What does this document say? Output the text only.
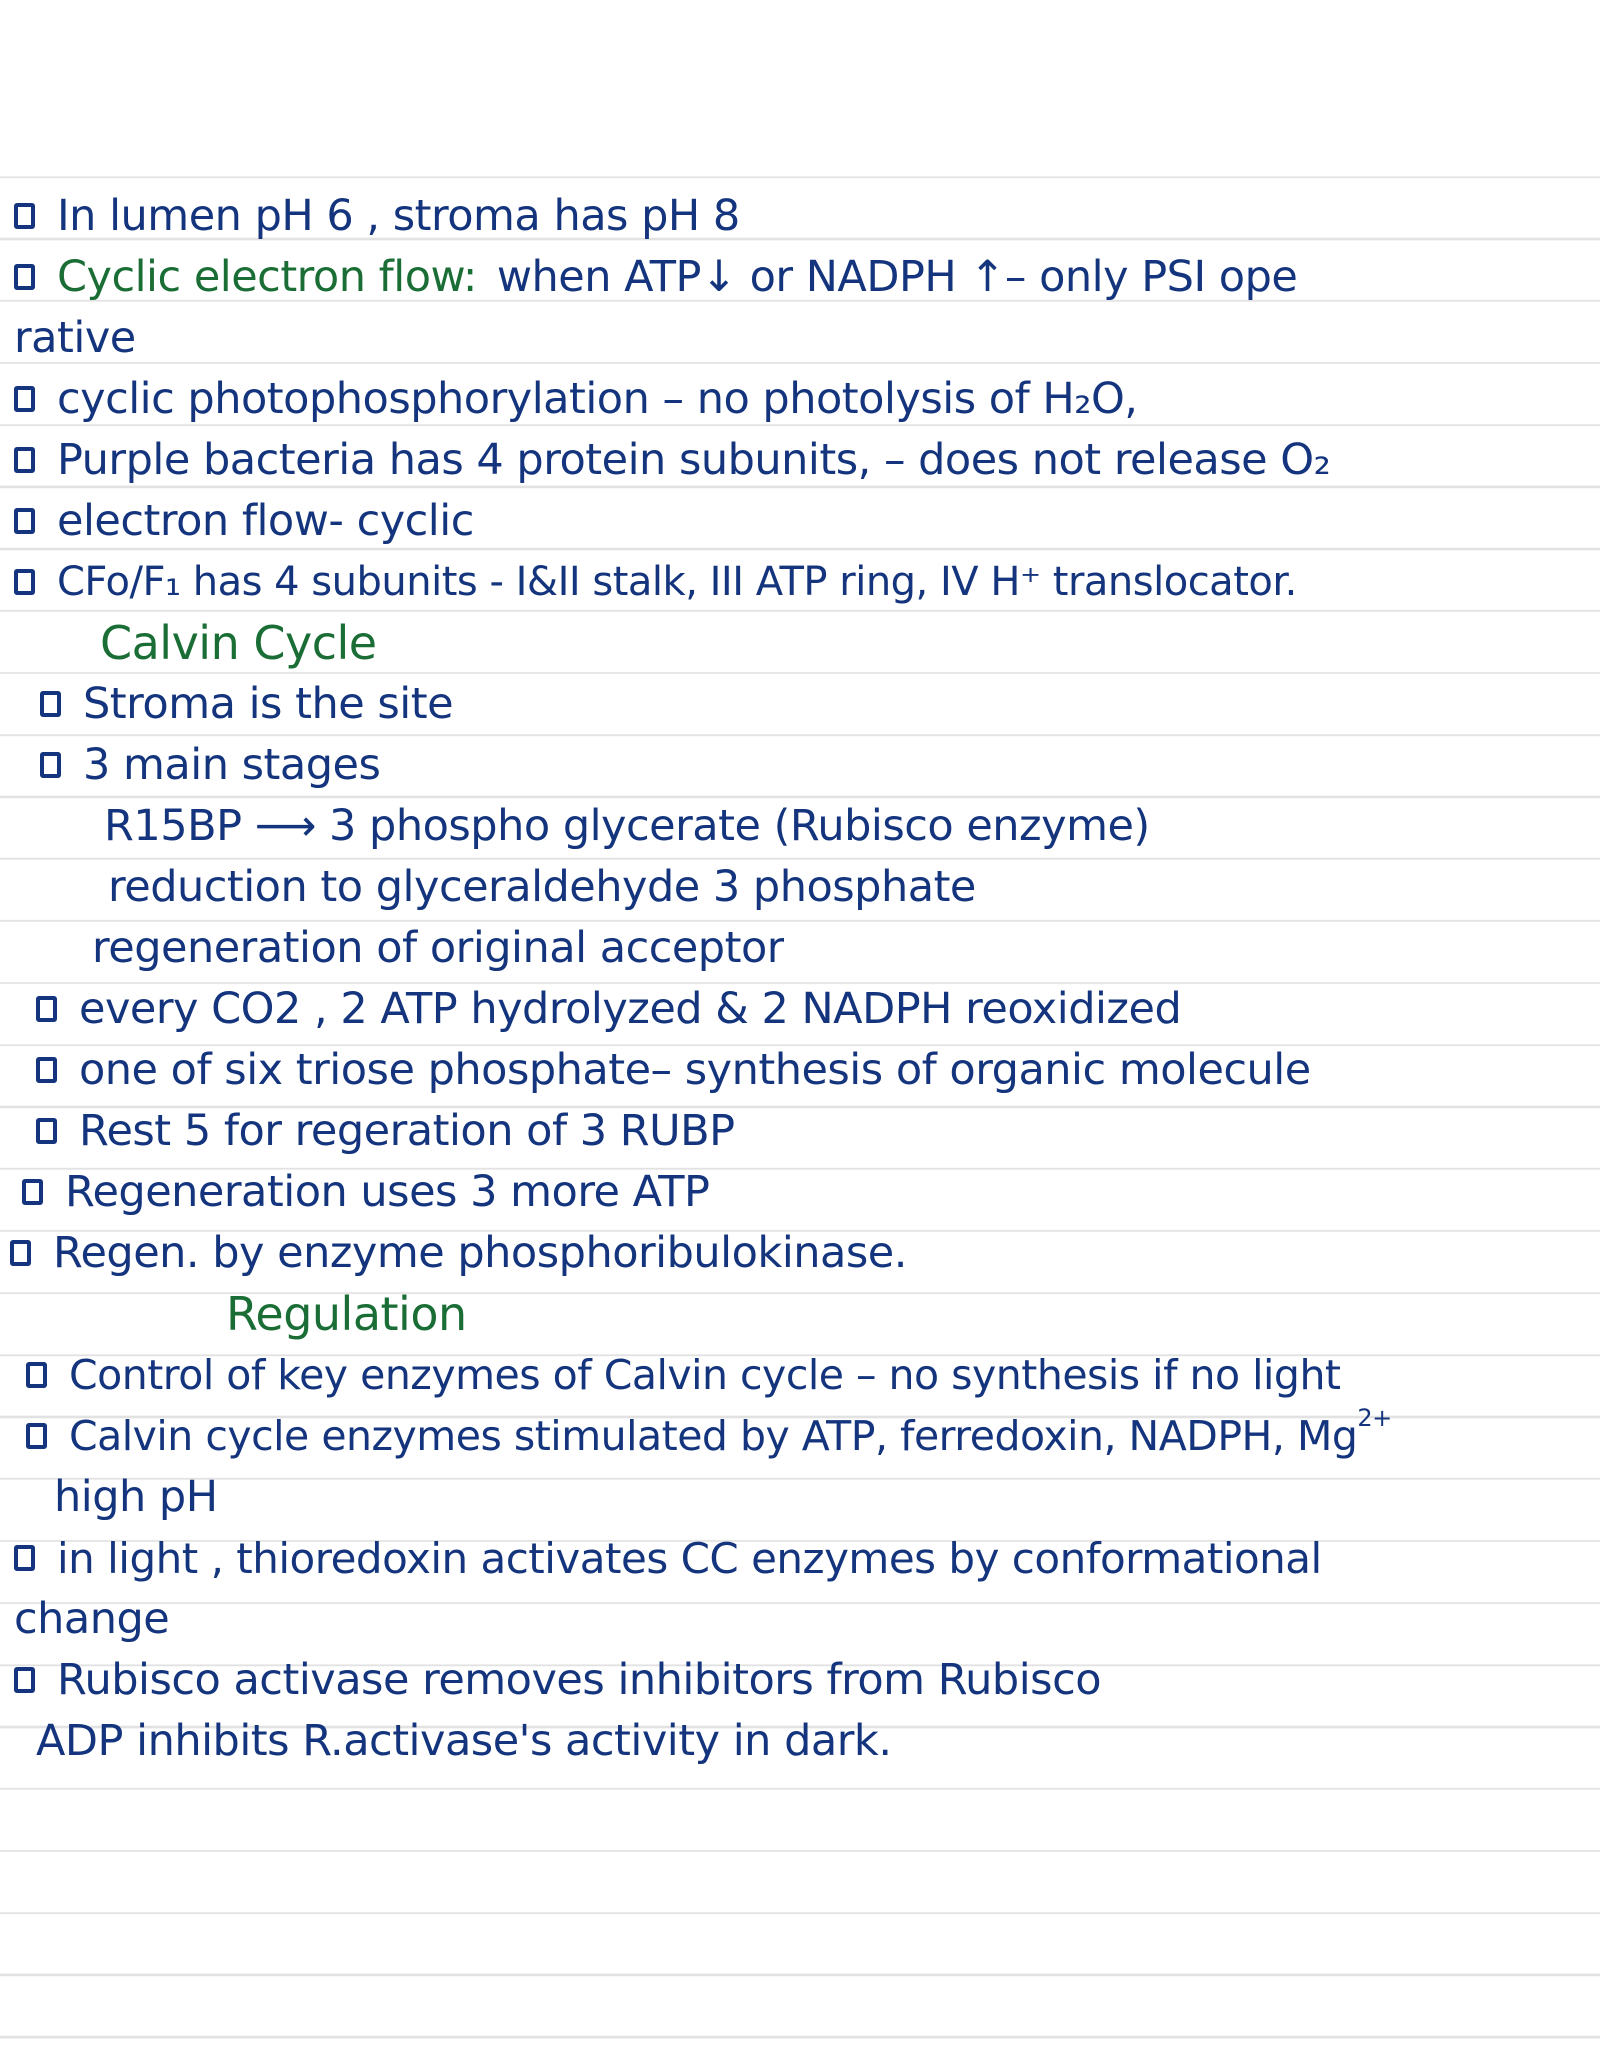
In lumen pH 6 , stroma has pH 8
Cyclic electron flow: when ATP↓ or NADPH ↑– only PSI ope
rative
cyclic photophosphorylation – no photolysis of H₂O,
Purple bacteria has 4 protein subunits, – does not release O₂
electron flow- cyclic
CFo/F₁ has 4 subunits - I&II stalk, III ATP ring, IV H⁺ translocator.
Calvin Cycle
Stroma is the site
3 main stages
R15BP ⟶ 3 phospho glycerate (Rubisco enzyme)
reduction to glyceraldehyde 3 phosphate
regeneration of original acceptor
every CO2 , 2 ATP hydrolyzed & 2 NADPH reoxidized
one of six triose phosphate– synthesis of organic molecule
Rest 5 for regeration of 3 RUBP
Regeneration uses 3 more ATP
Regen. by enzyme phosphoribulokinase.
Regulation
Control of key enzymes of Calvin cycle – no synthesis if no light
Calvin cycle enzymes stimulated by ATP, ferredoxin, NADPH, Mg 2+
high pH
in light , thioredoxin activates CC enzymes by conformational
change
Rubisco activase removes inhibitors from Rubisco
ADP inhibits R.activase's activity in dark.
